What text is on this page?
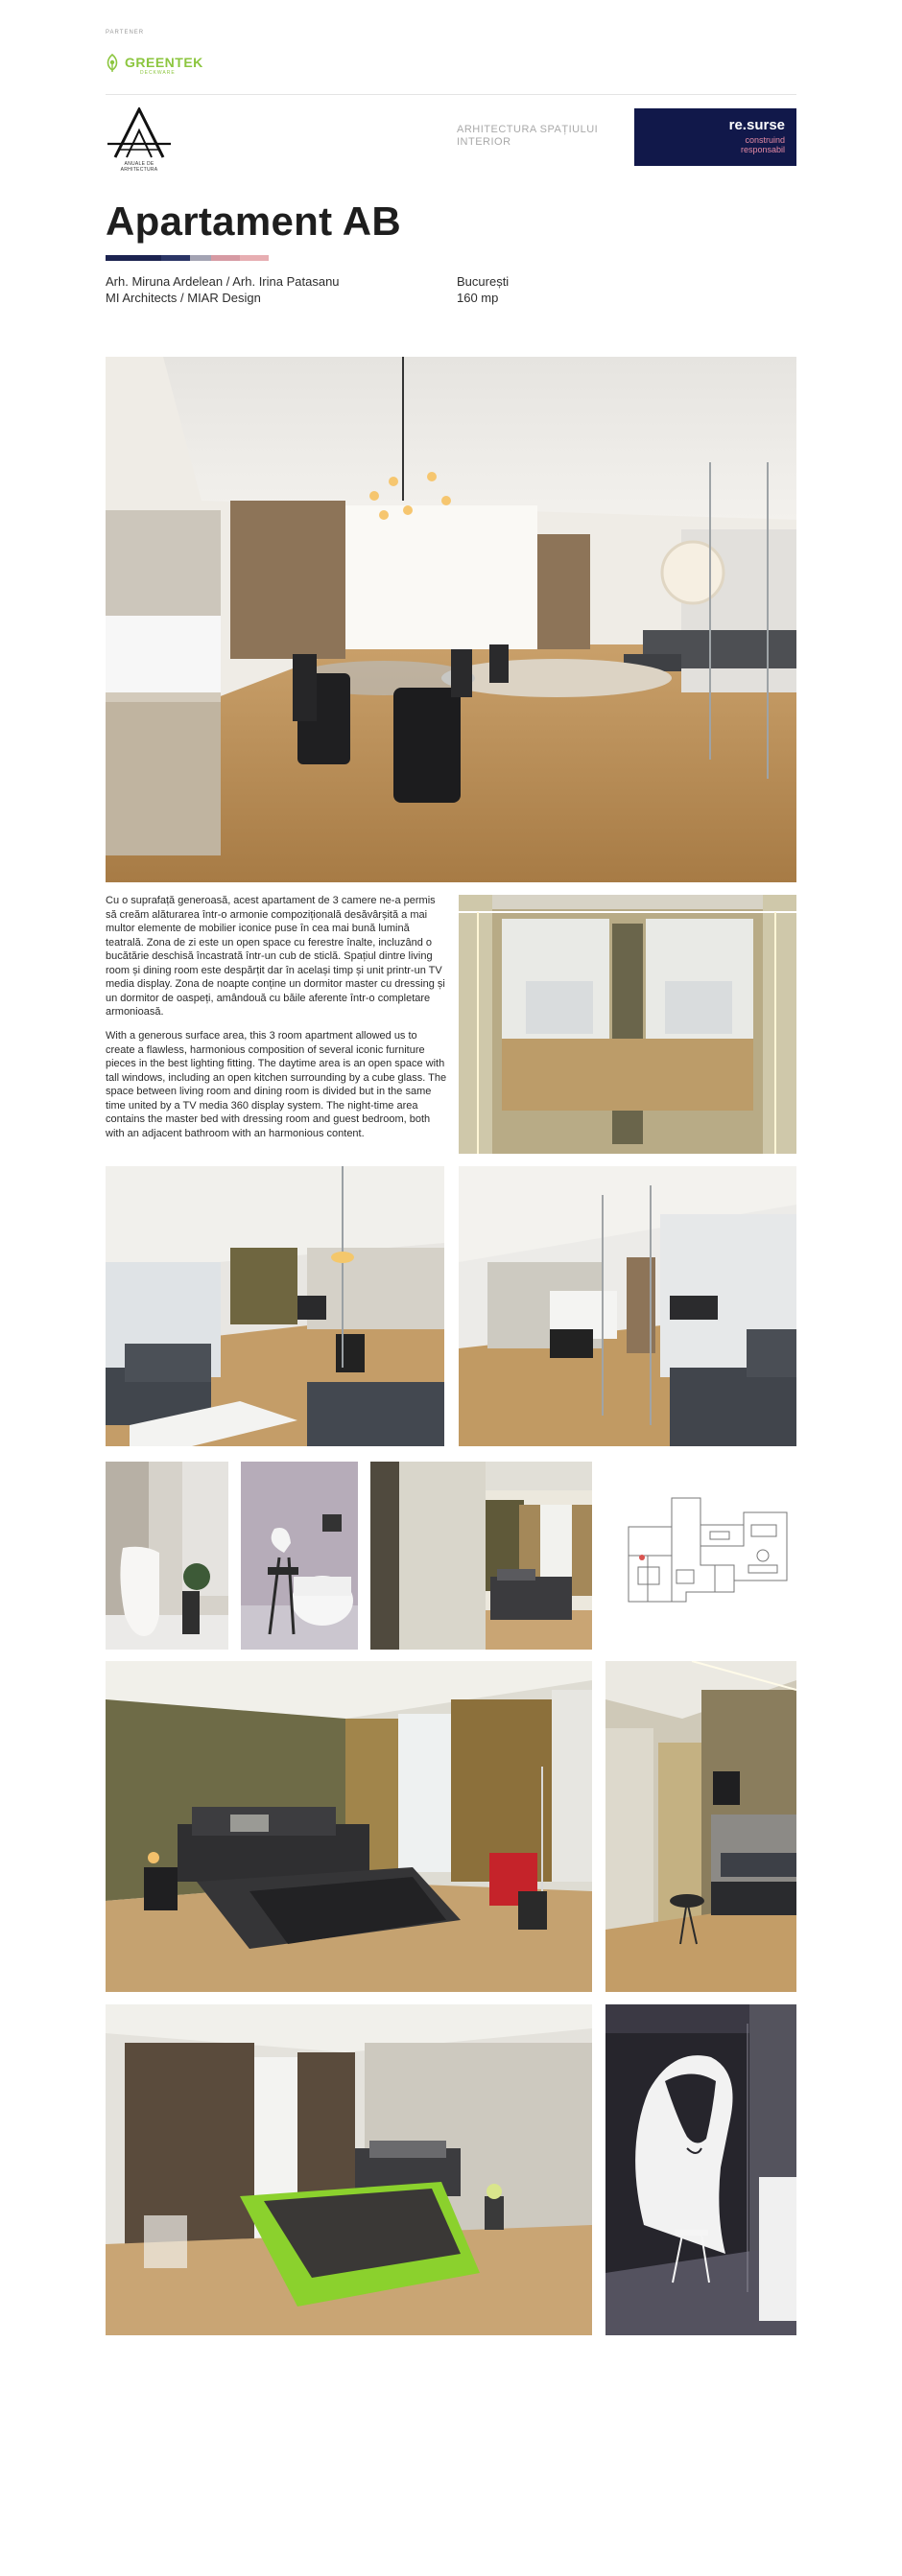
PARTENER
GREENTEK
DECKWARE
ANUALE DE ARHITECTURA
ARHITECTURA SPAȚIULUI INTERIOR
re.surse
construind
responsabil
Apartament AB
Arh. Miruna Ardelean / Arh. Irina Patasanu
MI Architects / MIAR Design
București
160 mp
Cu o suprafață generoasă, acest apartament de 3 camere ne-a permis să creăm alăturarea într-o armonie compozițională desăvârșită a mai multor elemente de mobilier iconice puse în cea mai bună lumină teatrală. Zona de zi este un open space cu ferestre înalte, incluzând o bucătărie deschisă încastrată într-un cub de sticlă. Spațiul dintre living room și dining room este despărțit dar în același timp și unit printr-un TV media display. Zona de noapte conține un dormitor master cu dressing și un dormitor de oaspeți, amândouă cu băile aferente într-o completare armonioasă.
With a generous surface area, this 3 room apartment allowed us to create a flawless, harmonious composition of several iconic furniture pieces in the best lighting fitting. The daytime area is an open space with tall windows, including an open kitchen surrounding by a cube glass. The space between living room and dining room is divided but in the same time united by a TV media 360 display system. The night-time area contains the master bed with dressing room and guest bedroom, both with an adjacent bathroom with an harmonious content.
